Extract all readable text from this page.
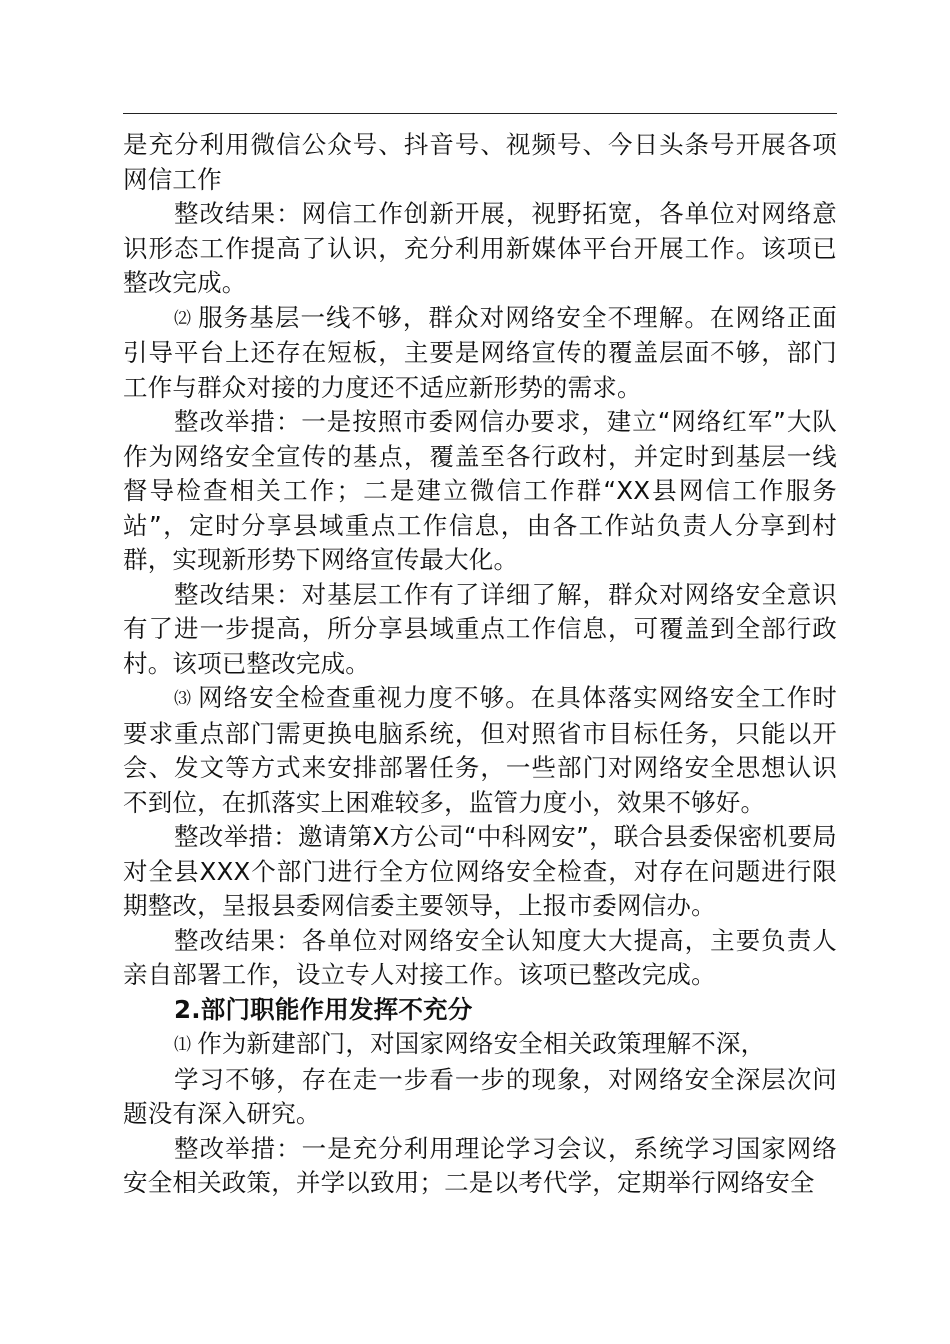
是充分利用微信公众号、抖音号、视频号、今日头条号开展各项网信工作

整改结果：网信工作创新开展，视野拓宽，各单位对网络意识形态工作提高了认识，充分利用新媒体平台开展工作。该项已整改完成。

⑵ 服务基层一线不够，群众对网络安全不理解。在网络正面引导平台上还存在短板，主要是网络宣传的覆盖层面不够，部门工作与群众对接的力度还不适应新形势的需求。

整改举措：一是按照市委网信办要求，建立“网络红军”大队作为网络安全宣传的基点，覆盖至各行政村，并定时到基层一线督导检查相关工作；二是建立微信工作群“XX县网信工作服务站”，定时分享县域重点工作信息，由各工作站负责人分享到村群，实现新形势下网络宣传最大化。

整改结果：对基层工作有了详细了解，群众对网络安全意识有了进一步提高，所分享县域重点工作信息，可覆盖到全部行政村。该项已整改完成。

⑶ 网络安全检查重视力度不够。在具体落实网络安全工作时要求重点部门需更换电脑系统，但对照省市目标任务，只能以开会、发文等方式来安排部署任务，一些部门对网络安全思想认识不到位，在抓落实上困难较多，监管力度小，效果不够好。

整改举措：邀请第X方公司“中科网安”，联合县委保密机要局对全县XXX个部门进行全方位网络安全检查，对存在问题进行限期整改，呈报县委网信委主要领导，上报市委网信办。

整改结果：各单位对网络安全认知度大大提高，主要负责人亲自部署工作，设立专人对接工作。该项已整改完成。

2.部门职能作用发挥不充分

⑴ 作为新建部门，对国家网络安全相关政策理解不深，

学习不够，存在走一步看一步的现象，对网络安全深层次问题没有深入研究。

整改举措：一是充分利用理论学习会议，系统学习国家网络安全相关政策，并学以致用；二是以考代学，定期举行网络安全
